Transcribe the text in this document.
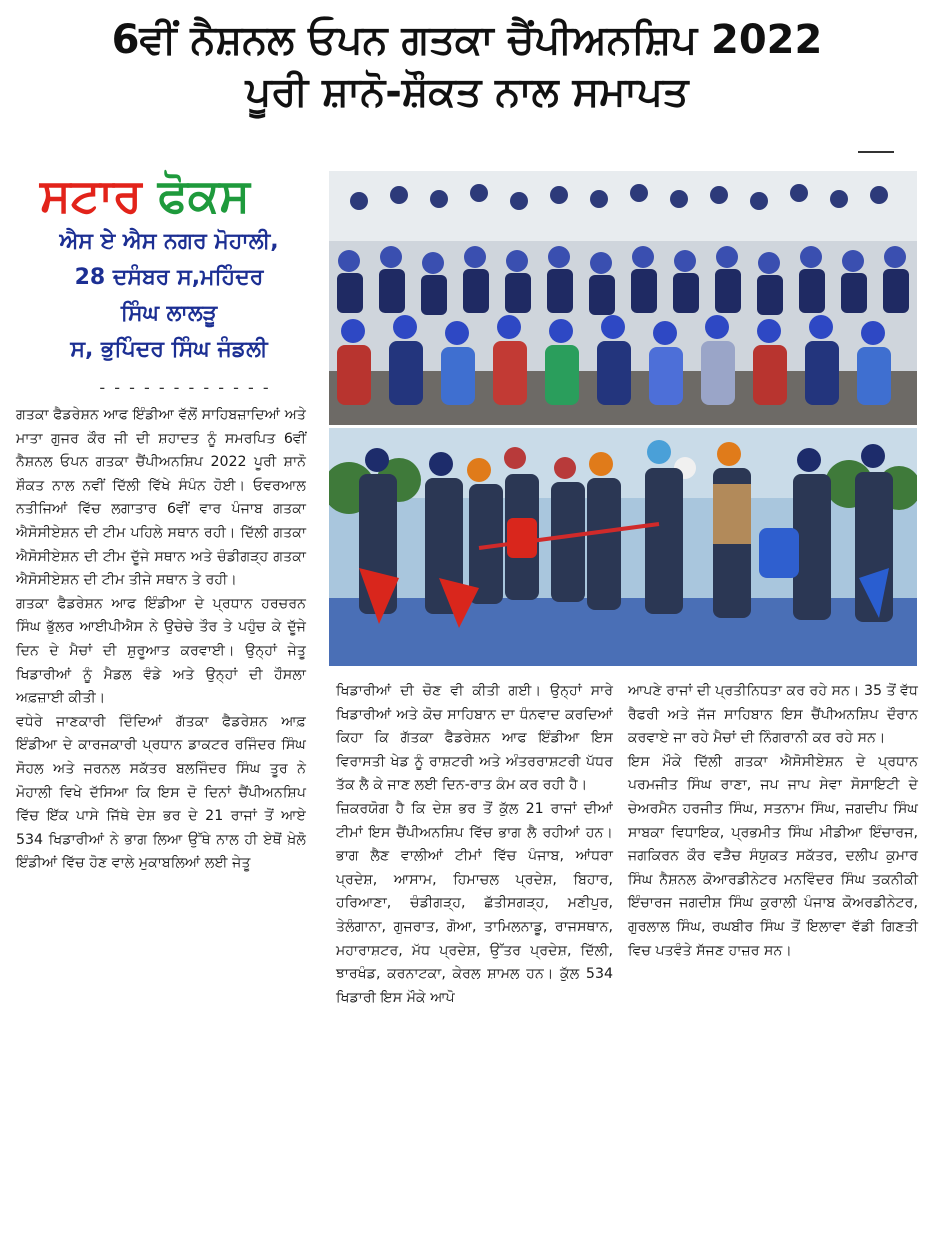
6ਵੀਂ ਨੈਸ਼ਨਲ ਓਪਨ ਗਤਕਾ ਚੈਂਪੀਅਨਸ਼ਿਪ 2022
ਪੂਰੀ ਸ਼ਾਨੋ-ਸ਼ੌਕਤ ਨਾਲ ਸਮਾਪਤ
ਸਟਾਰ ਫੋਕਸ
ਐਸ ਏ ਐਸ ਨਗਰ ਮੋਹਾਲੀ,
28 ਦਸੰਬਰ ਸ,ਮਹਿੰਦਰ
ਸਿੰਘ ਲਾਲੜੂ
ਸ, ਭੁਪਿੰਦਰ ਸਿੰਘ ਜੰਡਲੀ
- - - - - - - - - - - -

ਗਤਕਾ ਫੈਡਰੇਸ਼ਨ ਆਫ ਇੰਡੀਆ ਵੱਲੋਂ ਸਾਹਿਬਜ਼ਾਦਿਆਂ ਅਤੇ ਮਾਤਾ ਗੁਜਰ ਕੌਰ ਜੀ ਦੀ ਸ਼ਹਾਦਤ ਨੂੰ ਸਮਰਪਿਤ 6ਵੀਂ ਨੈਸ਼ਨਲ ਓਪਨ ਗਤਕਾ ਚੈਂਪੀਅਨਸ਼ਿਪ 2022 ਪੂਰੀ ਸ਼ਾਨੋ ਸ਼ੌਕਤ ਨਾਲ ਨਵੀਂ ਦਿੱਲੀ ਵਿੱਖੇ ਸੰਪੰਨ ਹੋਈ। ਓਵਰਆਲ ਨਤੀਜਿਆਂ ਵਿੱਚ ਲਗਾਤਾਰ 6ਵੀਂ ਵਾਰ ਪੰਜਾਬ ਗਤਕਾ ਐਸੋਸੀਏਸ਼ਨ ਦੀ ਟੀਮ ਪਹਿਲੇ ਸਥਾਨ ਰਹੀ। ਦਿੱਲੀ ਗਤਕਾ ਐਸੋਸੀਏਸ਼ਨ ਦੀ ਟੀਮ ਦੂੱਜੇ ਸਥਾਨ ਅਤੇ ਚੰਡੀਗੜ੍ਹ ਗਤਕਾ ਐਸੋਸੀਏਸ਼ਨ ਦੀ ਟੀਮ ਤੀਜੇ ਸਥਾਨ ਤੇ ਰਹੀ।

ਗਤਕਾ ਫੈਡਰੇਸ਼ਨ ਆਫ ਇੰਡੀਆ ਦੇ ਪ੍ਰਧਾਨ ਹਰਚਰਨ ਸਿੰਘ ਭੁੱਲਰ ਆਈਪੀਐਸ ਨੇ ਉਚੇਚੇ ਤੌਰ ਤੇ ਪਹੁੰਚ ਕੇ ਦੂੱਜੇ ਦਿਨ ਦੇ ਮੈਚਾਂ ਦੀ ਸ਼ੁਰੂਆਤ ਕਰਵਾਈ। ਉਨ੍ਹਾਂ ਜੇਤੂ ਖਿਡਾਰੀਆਂ ਨੂੰ ਮੈਡਲ ਵੰਡੇ ਅਤੇ ਉਨ੍ਹਾਂ ਦੀ ਹੌਸਲਾ ਅਫ਼ਜ਼ਾਈ ਕੀਤੀ।

ਵਧੇਰੇ ਜਾਣਕਾਰੀ ਦਿੰਦਿਆਂ ਗੱਤਕਾ ਫੈਡਰੇਸ਼ਨ ਆਫ਼ ਇੰਡੀਆ ਦੇ ਕਾਰਜਕਾਰੀ ਪ੍ਰਧਾਨ ਡਾਕਟਰ ਰਜਿੰਦਰ ਸਿੰਘ ਸੋਹਲ ਅਤੇ ਜਰਨਲ ਸਕੱਤਰ ਬਲਜਿੰਦਰ ਸਿੰਘ ਤੂਰ ਨੇ ਮੋਹਾਲੀ ਵਿਖੇ ਦੱਸਿਆ ਕਿ ਇਸ ਦੋ ਦਿਨਾਂ ਚੈਂਪੀਅਨਸ਼ਿਪ ਵਿੱਚ ਇੱਕ ਪਾਸੇ ਜਿੱਥੇ ਦੇਸ਼ ਭਰ ਦੇ 21 ਰਾਜਾਂ ਤੋਂ ਆਏ 534 ਖਿਡਾਰੀਆਂ ਨੇ ਭਾਗ ਲਿਆ ਉੱਥੇ ਨਾਲ ਹੀ ਏਥੋਂ ਖ਼ੇਲੋ ਇੰਡੀਆਂ ਵਿੱਚ ਹੋਣ ਵਾਲੇ ਮੁਕਾਬਲਿਆਂ ਲਈ ਜੇਤੂ

ਖਿਡਾਰੀਆਂ ਦੀ ਚੋਣ ਵੀ ਕੀਤੀ ਗਈ। ਉਨ੍ਹਾਂ ਸਾਰੇ ਖਿਡਾਰੀਆਂ ਅਤੇ ਕੋਚ ਸਾਹਿਬਾਨ ਦਾ ਧੰਨਵਾਦ ਕਰਦਿਆਂ ਕਿਹਾ ਕਿ ਗੱਤਕਾ ਫੈਡਰੇਸ਼ਨ ਆਫ ਇੰਡੀਆ ਇਸ ਵਿਰਾਸਤੀ ਖੇਡ ਨੂੰ ਰਾਸ਼ਟਰੀ ਅਤੇ ਅੰਤਰਰਾਸ਼ਟਰੀ ਪੱਧਰ ਤੱਕ ਲੈ ਕੇ ਜਾਣ ਲਈ ਦਿਨ-ਰਾਤ ਕੰਮ ਕਰ ਰਹੀ ਹੈ।

ਜ਼ਿਕਰਯੋਗ ਹੈ ਕਿ ਦੇਸ਼ ਭਰ ਤੋਂ ਕੁੱਲ 21 ਰਾਜਾਂ ਦੀਆਂ ਟੀਮਾਂ ਇਸ ਚੈਂਪੀਅਨਸ਼ਿਪ ਵਿੱਚ ਭਾਗ ਲੈ ਰਹੀਆਂ ਹਨ। ਭਾਗ ਲੈਣ ਵਾਲੀਆਂ ਟੀਮਾਂ ਵਿੱਚ ਪੰਜਾਬ, ਆਂਧਰਾ ਪ੍ਰਦੇਸ਼, ਆਸਾਮ, ਹਿਮਾਚਲ ਪ੍ਰਦੇਸ਼, ਬਿਹਾਰ, ਹਰਿਆਣਾ, ਚੰਡੀਗੜ੍ਹ, ਛੱਤੀਸਗੜ੍ਹ, ਮਣੀਪੁਰ, ਤੇਲੰਗਾਨਾ, ਗੁਜਰਾਤ, ਗੋਆ, ਤਾਮਿਲਨਾਡੂ, ਰਾਜਸਥਾਨ, ਮਹਾਰਾਸ਼ਟਰ, ਮੱਧ ਪ੍ਰਦੇਸ਼, ਉੱਤਰ ਪ੍ਰਦੇਸ਼, ਦਿੱਲੀ, ਝਾਰਖੰਡ, ਕਰਨਾਟਕਾ, ਕੇਰਲ ਸ਼ਾਮਲ ਹਨ। ਕੁੱਲ 534 ਖਿਡਾਰੀ ਇਸ ਮੌਕੇ ਆਪੋ

ਆਪਣੇ ਰਾਜਾਂ ਦੀ ਪ੍ਰਤੀਨਿਧਤਾ ਕਰ ਰਹੇ ਸਨ। 35 ਤੋਂ ਵੱਧ ਰੈਫਰੀ ਅਤੇ ਜੱਜ ਸਾਹਿਬਾਨ ਇਸ ਚੈਂਪੀਅਨਸ਼ਿਪ ਦੌਰਾਨ ਕਰਵਾਏ ਜਾ ਰਹੇ ਮੈਚਾਂ ਦੀ ਨਿੰਗਰਾਨੀ ਕਰ ਰਹੇ ਸਨ।

ਇਸ ਮੌਕੇ ਦਿੱਲੀ ਗਤਕਾ ਐਸੋਸੀਏਸ਼ਨ ਦੇ ਪ੍ਰਧਾਨ ਪਰਮਜੀਤ ਸਿੰਘ ਰਾਣਾ, ਜਪ ਜਾਪ ਸੇਵਾ ਸੋਸਾਇਟੀ ਦੇ ਚੇਅਰਮੈਨ ਹਰਜੀਤ ਸਿੰਘ, ਸਤਨਾਮ ਸਿੰਘ, ਜਗਦੀਪ ਸਿੰਘ ਸਾਬਕਾ ਵਿਧਾਇਕ, ਪ੍ਰਭਮੀਤ ਸਿੰਘ ਮੀਡੀਆ ਇੰਚਾਰਜ, ਜਗਕਿਰਨ ਕੌਰ ਵੜੈਚ ਸੰਯੁਕਤ ਸਕੱਤਰ, ਦਲੀਪ ਕੁਮਾਰ ਸਿੰਘ ਨੈਸ਼ਨਲ ਕੋਆਰਡੀਨੇਟਰ ਮਨਵਿੰਦਰ ਸਿੰਘ ਤਕਨੀਕੀ ਇੰਚਾਰਜ ਜਗਦੀਸ਼ ਸਿੰਘ ਕੁਰਾਲੀ ਪੰਜਾਬ ਕੋਅਰਡੀਨੇਟਰ, ਗੁਰਲਾਲ ਸਿੰਘ, ਰਘਬੀਰ ਸਿੰਘ ਤੋਂ ਇਲਾਵਾ ਵੱਡੀ ਗਿਣਤੀ ਵਿਚ ਪਤਵੰਤੇ ਸੱਜਣ ਹਾਜ਼ਰ ਸਨ।
